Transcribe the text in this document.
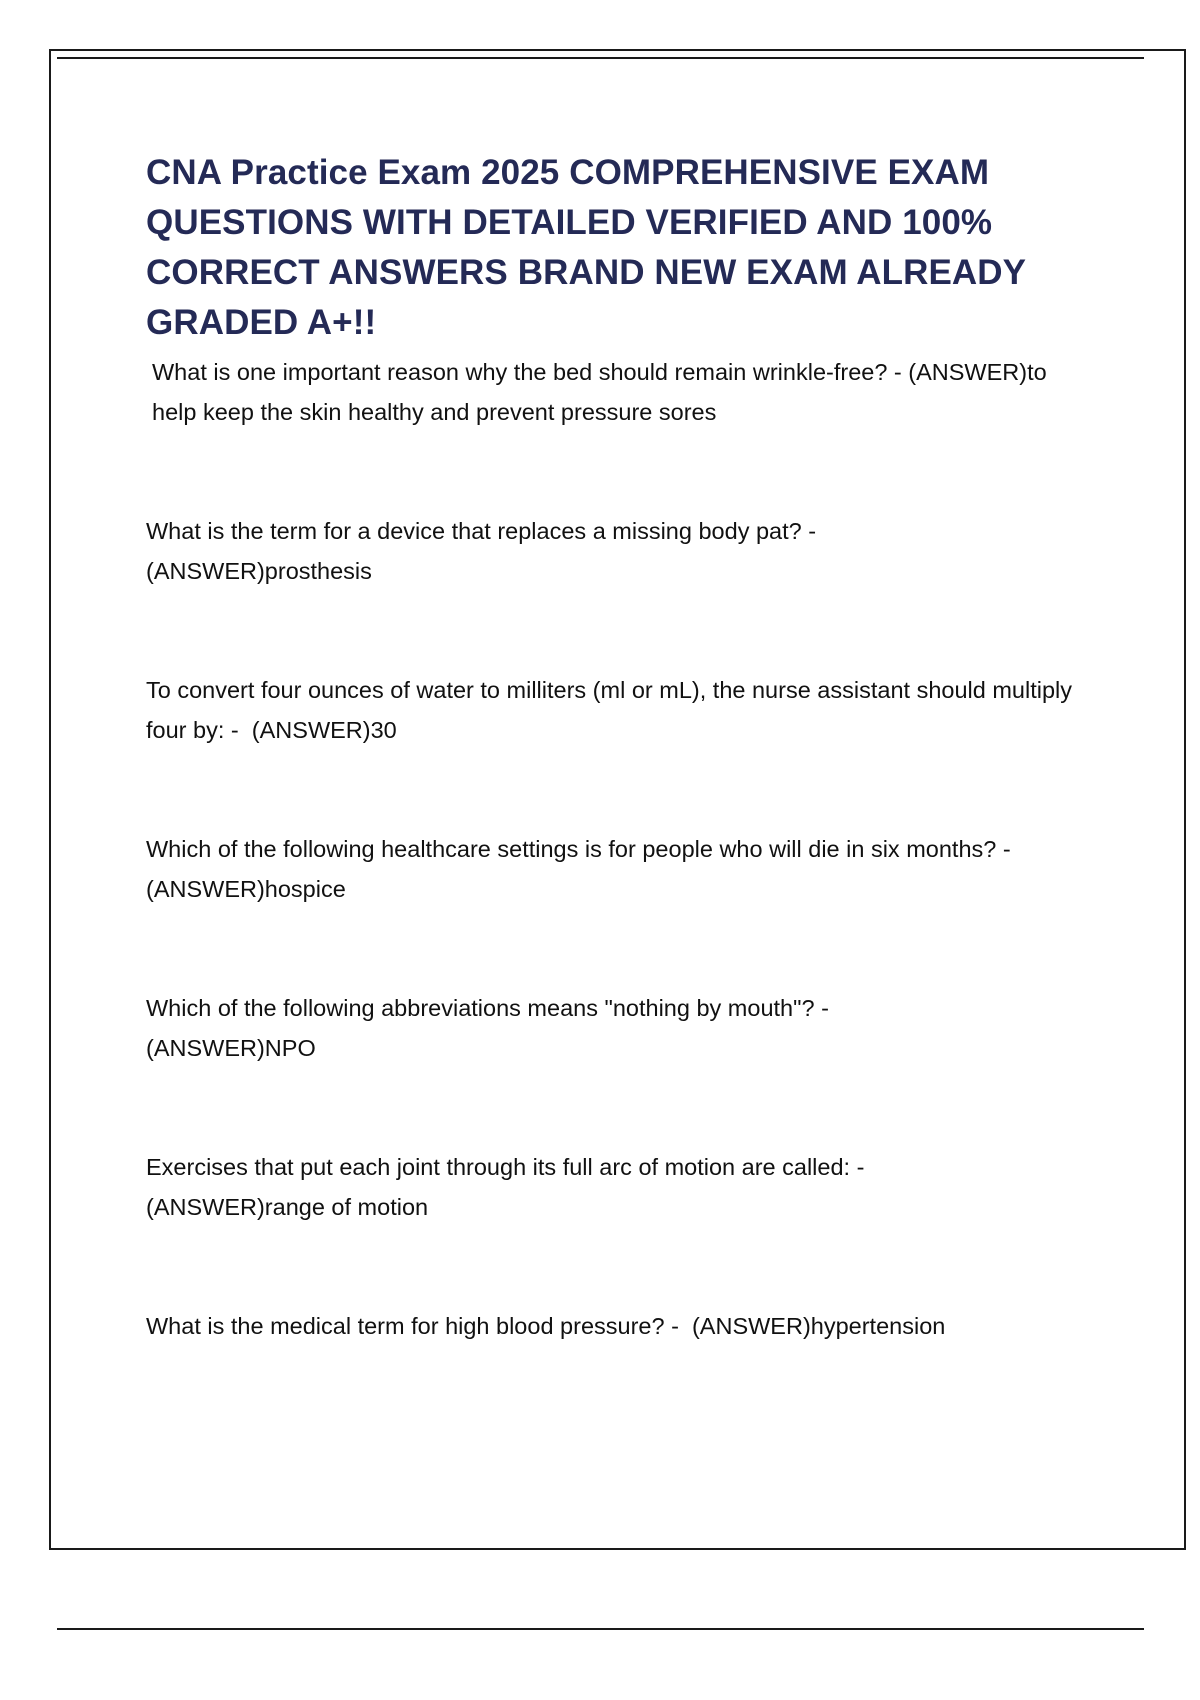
CNA Practice Exam 2025 COMPREHENSIVE EXAM QUESTIONS WITH DETAILED VERIFIED AND 100% CORRECT ANSWERS BRAND NEW EXAM ALREADY GRADED A+!!
What is one important reason why the bed should remain wrinkle-free? - (ANSWER)to help keep the skin healthy and prevent pressure sores
What is the term for a device that replaces a missing body pat? -
(ANSWER)prosthesis
To convert four ounces of water to milliters (ml or mL), the nurse assistant should multiply four by: -  (ANSWER)30
Which of the following healthcare settings is for people who will die in six months? -  (ANSWER)hospice
Which of the following abbreviations means "nothing by mouth"? -
(ANSWER)NPO
Exercises that put each joint through its full arc of motion are called: -
(ANSWER)range of motion
What is the medical term for high blood pressure? -  (ANSWER)hypertension
